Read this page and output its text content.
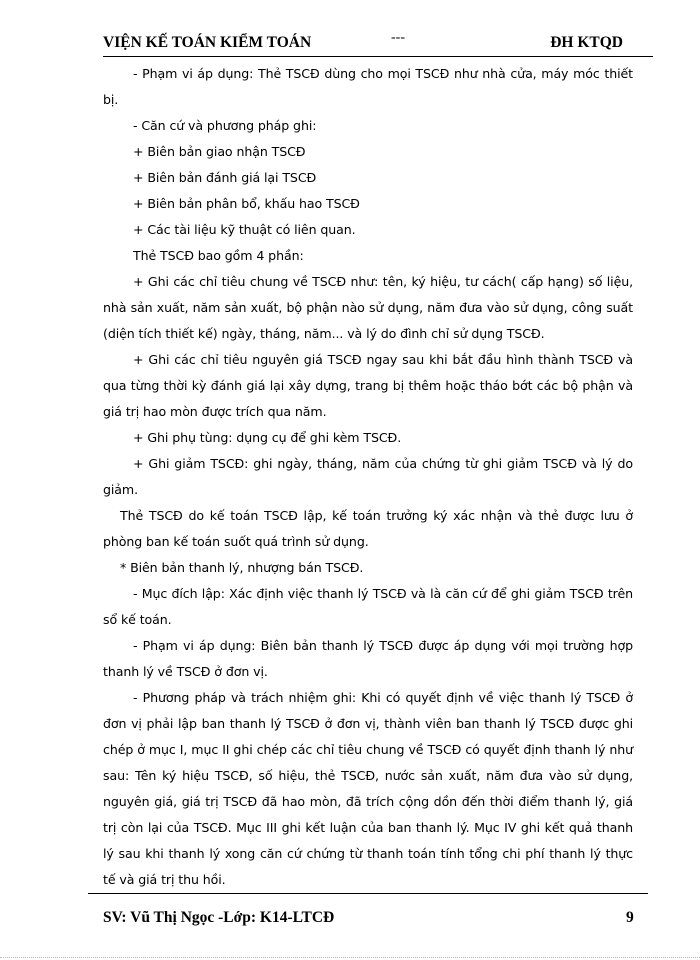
VIỆN KẾ TOÁN KIỂM TOÁN	---	ĐH KTQD

- Phạm vi áp dụng: Thẻ TSCĐ dùng cho mọi TSCĐ như nhà cửa, máy móc thiết bị.

- Căn cứ và phương pháp ghi:

+ Biên bản giao nhận TSCĐ

+ Biên bản đánh giá lại TSCĐ

+ Biên bản phân bổ, khấu hao TSCĐ

+ Các tài liệu kỹ thuật có liên quan.

Thẻ TSCĐ bao gồm 4 phần:

+ Ghi các chỉ tiêu chung về TSCĐ như: tên, ký hiệu, tư cách( cấp hạng) số liệu, nhà sản xuất, năm sản xuất, bộ phận nào sử dụng, năm đưa vào sử dụng, công suất (diện tích thiết kế) ngày, tháng, năm... và lý do đình chỉ sử dụng TSCĐ.

+ Ghi các chỉ tiêu nguyên giá TSCĐ ngay sau khi bắt đầu hình thành TSCĐ và qua từng thời kỳ đánh giá lại xây dựng, trang bị thêm hoặc tháo bớt các bộ phận và giá trị hao mòn được trích qua năm.

+ Ghi phụ tùng: dụng cụ để ghi kèm TSCĐ.

+ Ghi giảm TSCĐ: ghi ngày, tháng, năm của chứng từ ghi giảm TSCĐ và lý do giảm.

Thẻ TSCĐ do kế toán TSCĐ lập, kế toán trưởng ký xác nhận và thẻ được lưu ở phòng ban kế toán suốt quá trình sử dụng.

* Biên bản thanh lý, nhượng bán TSCĐ.

- Mục đích lập: Xác định việc thanh lý TSCĐ và là căn cứ để ghi giảm TSCĐ trên sổ kế toán.

- Phạm vi áp dụng: Biên bản thanh lý TSCĐ được áp dụng với mọi trường hợp thanh lý về TSCĐ ở đơn vị.

- Phương pháp và trách nhiệm ghi: Khi có quyết định về việc thanh lý TSCĐ ở đơn vị phải lập ban thanh lý TSCĐ ở đơn vị, thành viên ban thanh lý TSCĐ được ghi chép ở mục I, mục II ghi chép các chỉ tiêu chung về TSCĐ có quyết định thanh lý như sau: Tên ký hiệu TSCĐ, số hiệu, thẻ TSCĐ, nước sản xuất, năm đưa vào sử dụng, nguyên giá, giá trị TSCĐ đã hao mòn, đã trích cộng dồn đến thời điểm thanh lý, giá trị còn lại của TSCĐ. Mục III ghi kết luận của ban thanh lý. Mục IV ghi kết quả thanh lý sau khi thanh lý xong căn cứ chứng từ thanh toán tính tổng chi phí thanh lý thực tế và giá trị thu hồi.

SV: Vũ Thị Ngọc -Lớp: K14-LTCĐ	9
